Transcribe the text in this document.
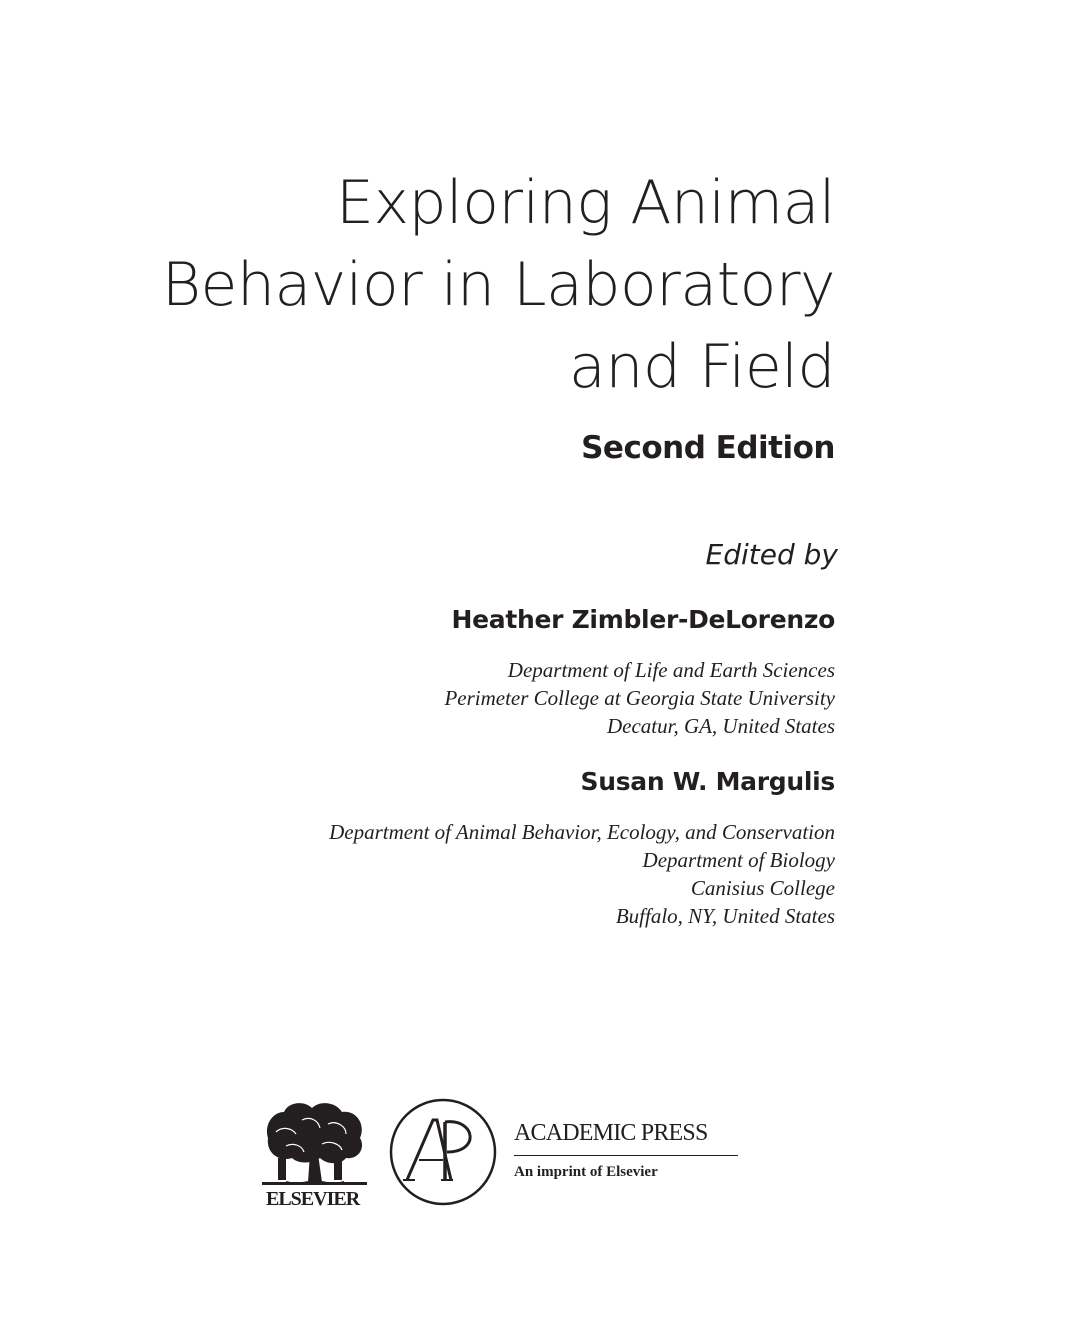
Exploring Animal
Behavior in Laboratory
and Field
Second Edition
Edited by
Heather Zimbler-DeLorenzo
Department of Life and Earth Sciences
Perimeter College at Georgia State University
Decatur, GA, United States
Susan W. Margulis
Department of Animal Behavior, Ecology, and Conservation
Department of Biology
Canisius College
Buffalo, NY, United States
ELSEVIER
ACADEMIC PRESS
An imprint of Elsevier
